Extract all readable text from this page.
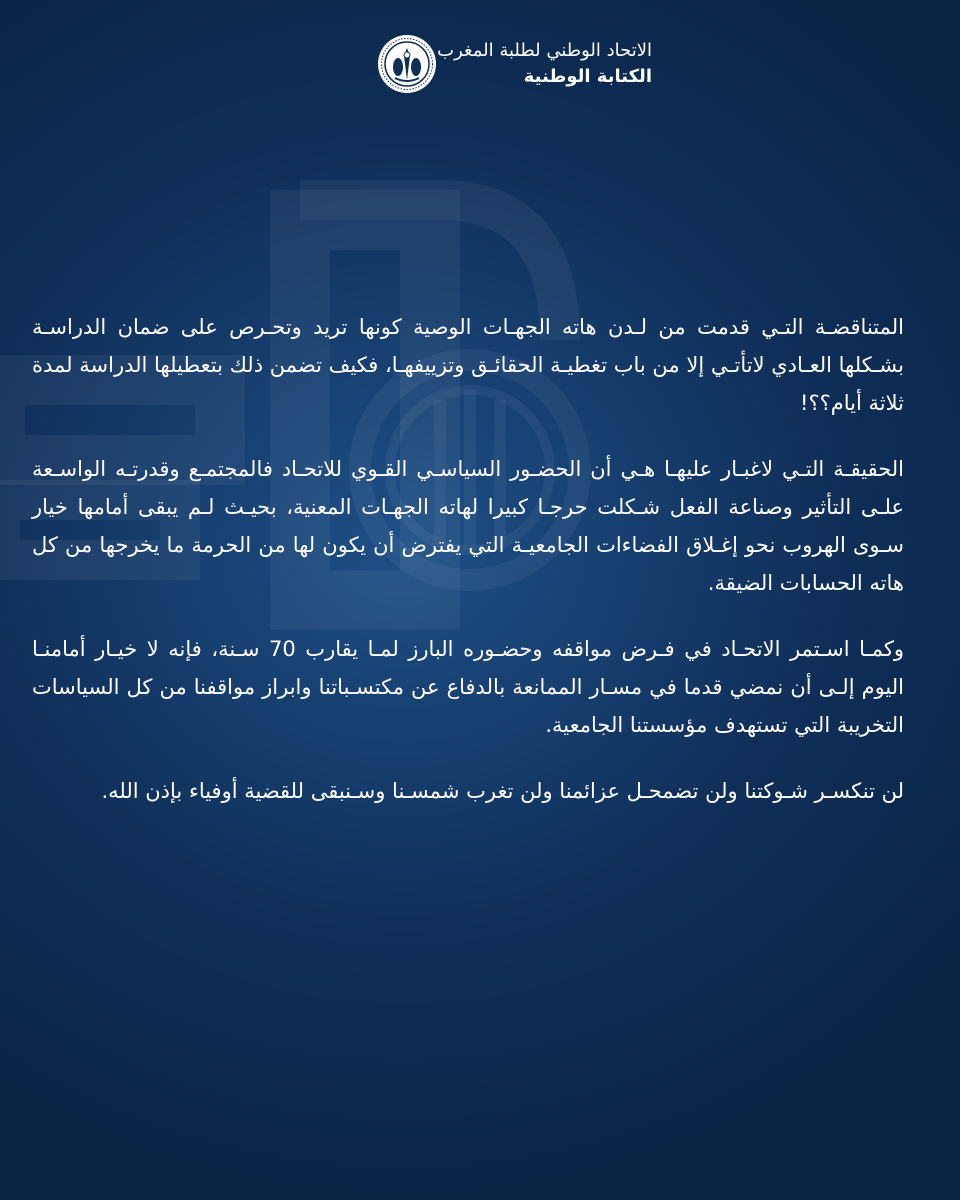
الاتحاد الوطني لطلبة المغرب
الكتابة الوطنية

المتناقضـة التـي قدمت من لـدن هاته الجهـات الوصية كونها تريد وتحـرص على ضمان الدراسـة بشـكلها العـادي لاتأتـي إلا من باب تغطيـة الحقائـق وتزييفهـا، فكيف تضمن ذلك بتعطيلها الدراسة لمدة ثلاثة أيام؟؟!

الحقيقـة التـي لاغبـار عليهـا هـي أن الحضـور السياسـي القـوي للاتحـاد فالمجتمـع وقدرتـه الواسـعة علـى التأثير وصناعة الفعل شـكلت حرجـا كبيرا لهاته الجهـات المعنية، بحيـث لـم يبقى أمامها خيار سـوى الهروب نحو إغـلاق الفضاءات الجامعيـة التي يفترض أن يكون لها من الحرمة ما يخرجها من كل هاته الحسابات الضيقة.

وكمـا اسـتمر الاتحـاد في فـرض مواقفه وحضـوره البارز لمـا يقارب 70 سـنة، فإنه لا خيـار أمامنـا اليوم إلـى أن نمضي قدما في مسـار الممانعة بالدفاع عن مكتسـباتنا وابراز مواقفنا من كل السياسات التخريبة التي تستهدف مؤسستنا الجامعية.

لن تنكسـر شـوكتنا ولن تضمحـل عزائمنا ولن تغرب شمسـنا وسـنبقى للقضية أوفياء بإذن الله.
